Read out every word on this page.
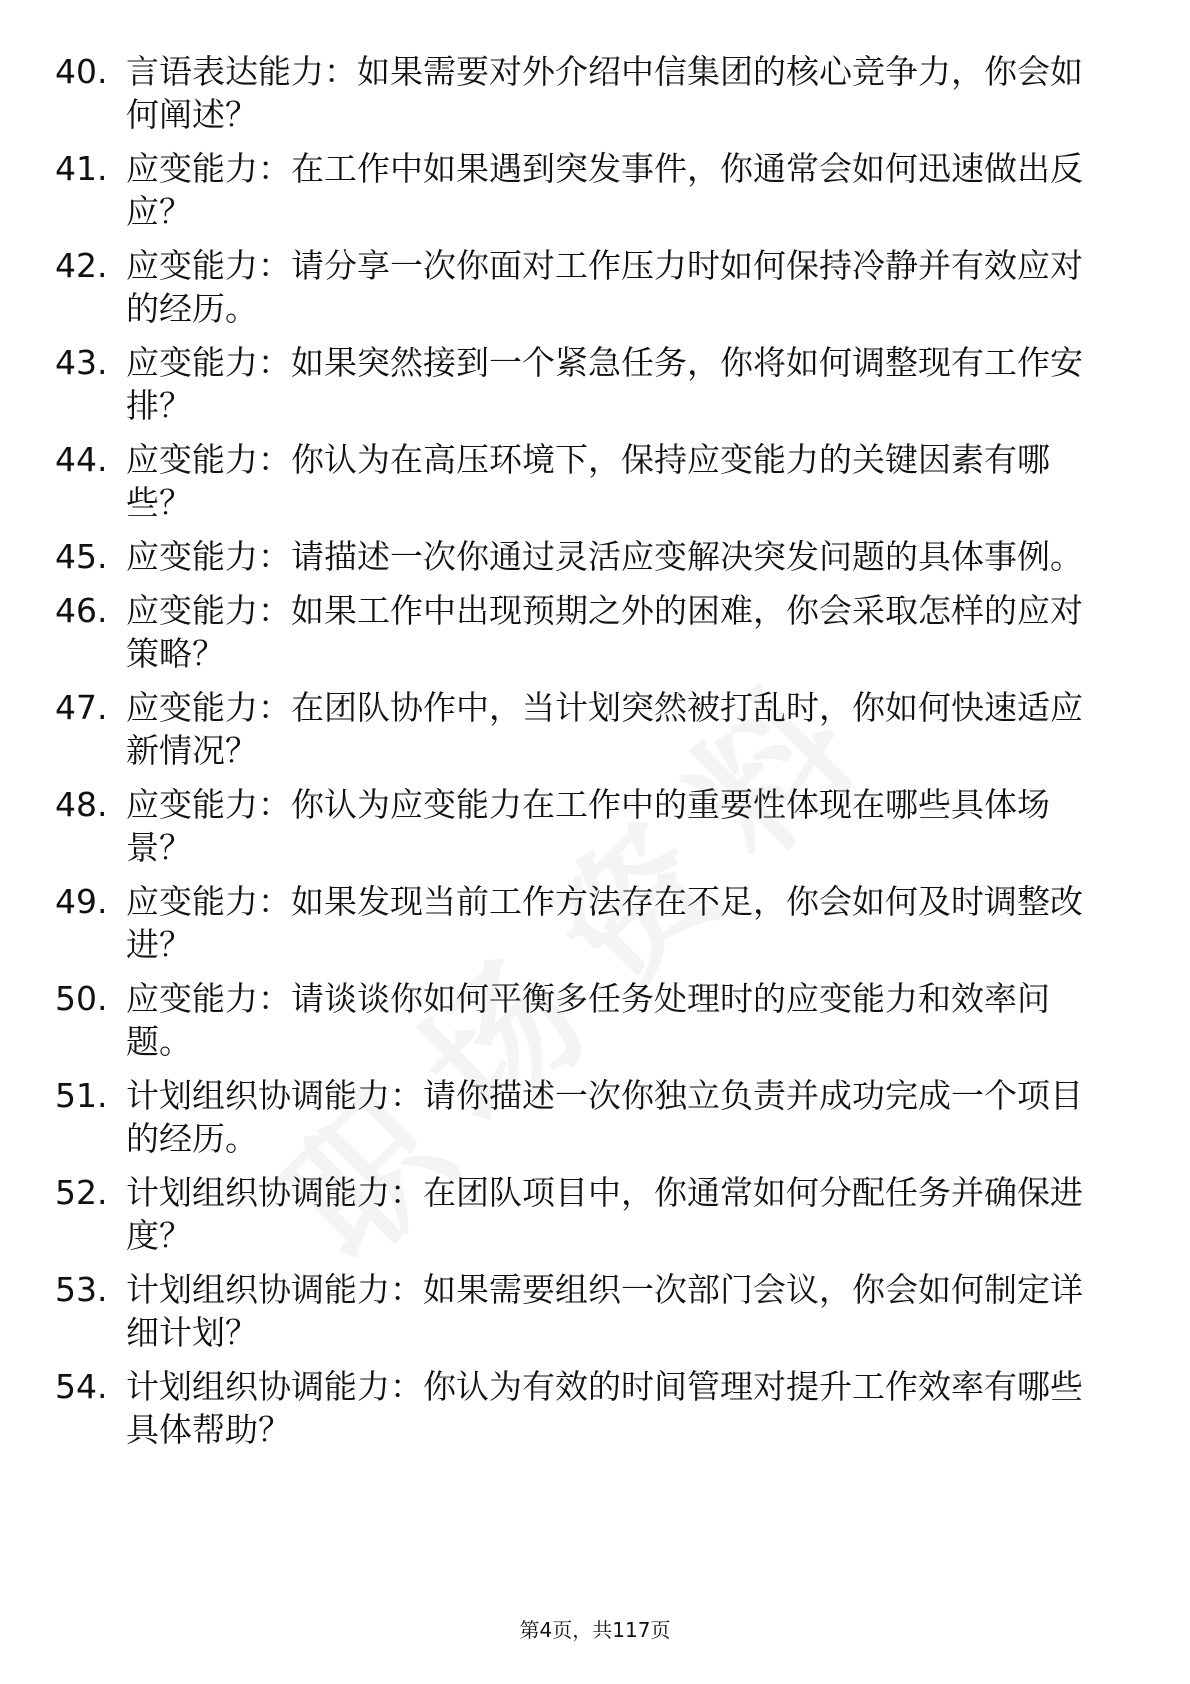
40. 言语表达能力：如果需要对外介绍中信集团的核心竞争力，你会如何阐述？
41. 应变能力：在工作中如果遇到突发事件，你通常会如何迅速做出反应？
42. 应变能力：请分享一次你面对工作压力时如何保持冷静并有效应对的经历。
43. 应变能力：如果突然接到一个紧急任务，你将如何调整现有工作安排？
44. 应变能力：你认为在高压环境下，保持应变能力的关键因素有哪些？
45. 应变能力：请描述一次你通过灵活应变解决突发问题的具体事例。
46. 应变能力：如果工作中出现预期之外的困难，你会采取怎样的应对策略？
47. 应变能力：在团队协作中，当计划突然被打乱时，你如何快速适应新情况？
48. 应变能力：你认为应变能力在工作中的重要性体现在哪些具体场景？
49. 应变能力：如果发现当前工作方法存在不足，你会如何及时调整改进？
50. 应变能力：请谈谈你如何平衡多任务处理时的应变能力和效率问题。
51. 计划组织协调能力：请你描述一次你独立负责并成功完成一个项目的经历。
52. 计划组织协调能力：在团队项目中，你通常如何分配任务并确保进度？
53. 计划组织协调能力：如果需要组织一次部门会议，你会如何制定详细计划？
54. 计划组织协调能力：你认为有效的时间管理对提升工作效率有哪些具体帮助？
第4页，共117页
